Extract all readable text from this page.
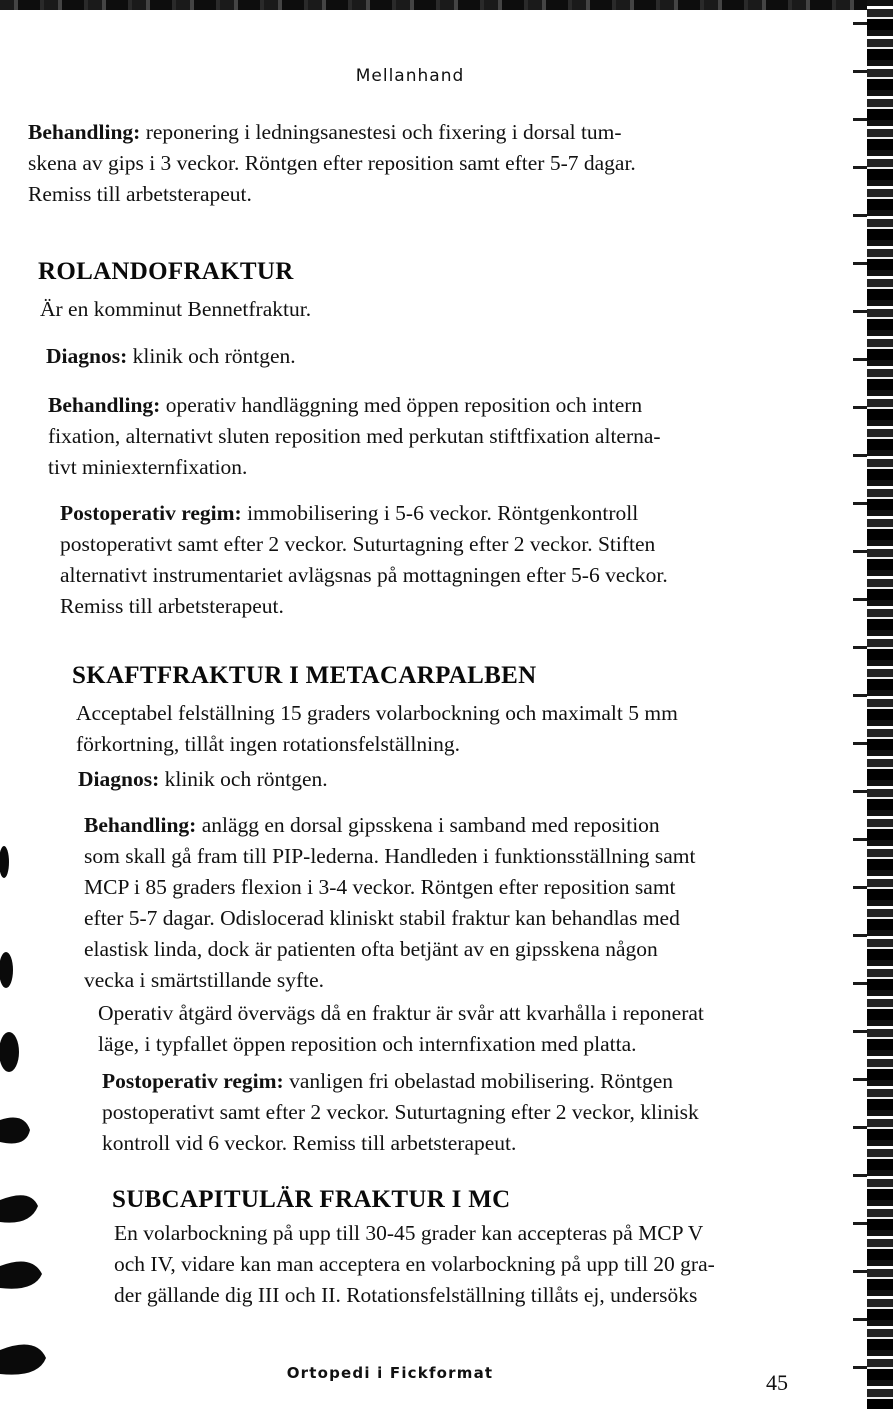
Mellanhand

Behandling: reponering i ledningsanestesi och fixering i dorsal tum-

skena av gips i 3 veckor. Röntgen efter reposition samt efter 5-7 dagar.

Remiss till arbetsterapeut.

ROLANDOFRAKTUR

Är en komminut Bennetfraktur.

Diagnos: klinik och röntgen.

Behandling: operativ handläggning med öppen reposition och intern

fixation, alternativt sluten reposition med perkutan stiftfixation alterna-

tivt miniexternfixation.

Postoperativ regim: immobilisering i 5-6 veckor. Röntgenkontroll

postoperativt samt efter 2 veckor. Suturtagning efter 2 veckor. Stiften

alternativt instrumentariet avlägsnas på mottagningen efter 5-6 veckor.

Remiss till arbetsterapeut.

SKAFTFRAKTUR I METACARPALBEN

Acceptabel felställning 15 graders volarbockning och maximalt 5 mm

förkortning, tillåt ingen rotationsfelställning.

Diagnos: klinik och röntgen.

Behandling: anlägg en dorsal gipsskena i samband med reposition

som skall gå fram till PIP-lederna. Handleden i funktionsställning samt

MCP i 85 graders flexion i 3-4 veckor. Röntgen efter reposition samt

efter 5-7 dagar. Odislocerad kliniskt stabil fraktur kan behandlas med

elastisk linda, dock är patienten ofta betjänt av en gipsskena någon

vecka i smärtstillande syfte.

Operativ åtgärd övervägs då en fraktur är svår att kvarhålla i reponerat

läge, i typfallet öppen reposition och internfixation med platta.

Postoperativ regim: vanligen fri obelastad mobilisering. Röntgen

postoperativt samt efter 2 veckor. Suturtagning efter 2 veckor, klinisk

kontroll vid 6 veckor. Remiss till arbetsterapeut.

SUBCAPITULÄR FRAKTUR I MC

En volarbockning på upp till 30-45 grader kan accepteras på MCP V

och IV, vidare kan man acceptera en volarbockning på upp till 20 gra-

der gällande dig III och II. Rotationsfelställning tillåts ej, undersöks

Ortopedi i Fickformat	45
